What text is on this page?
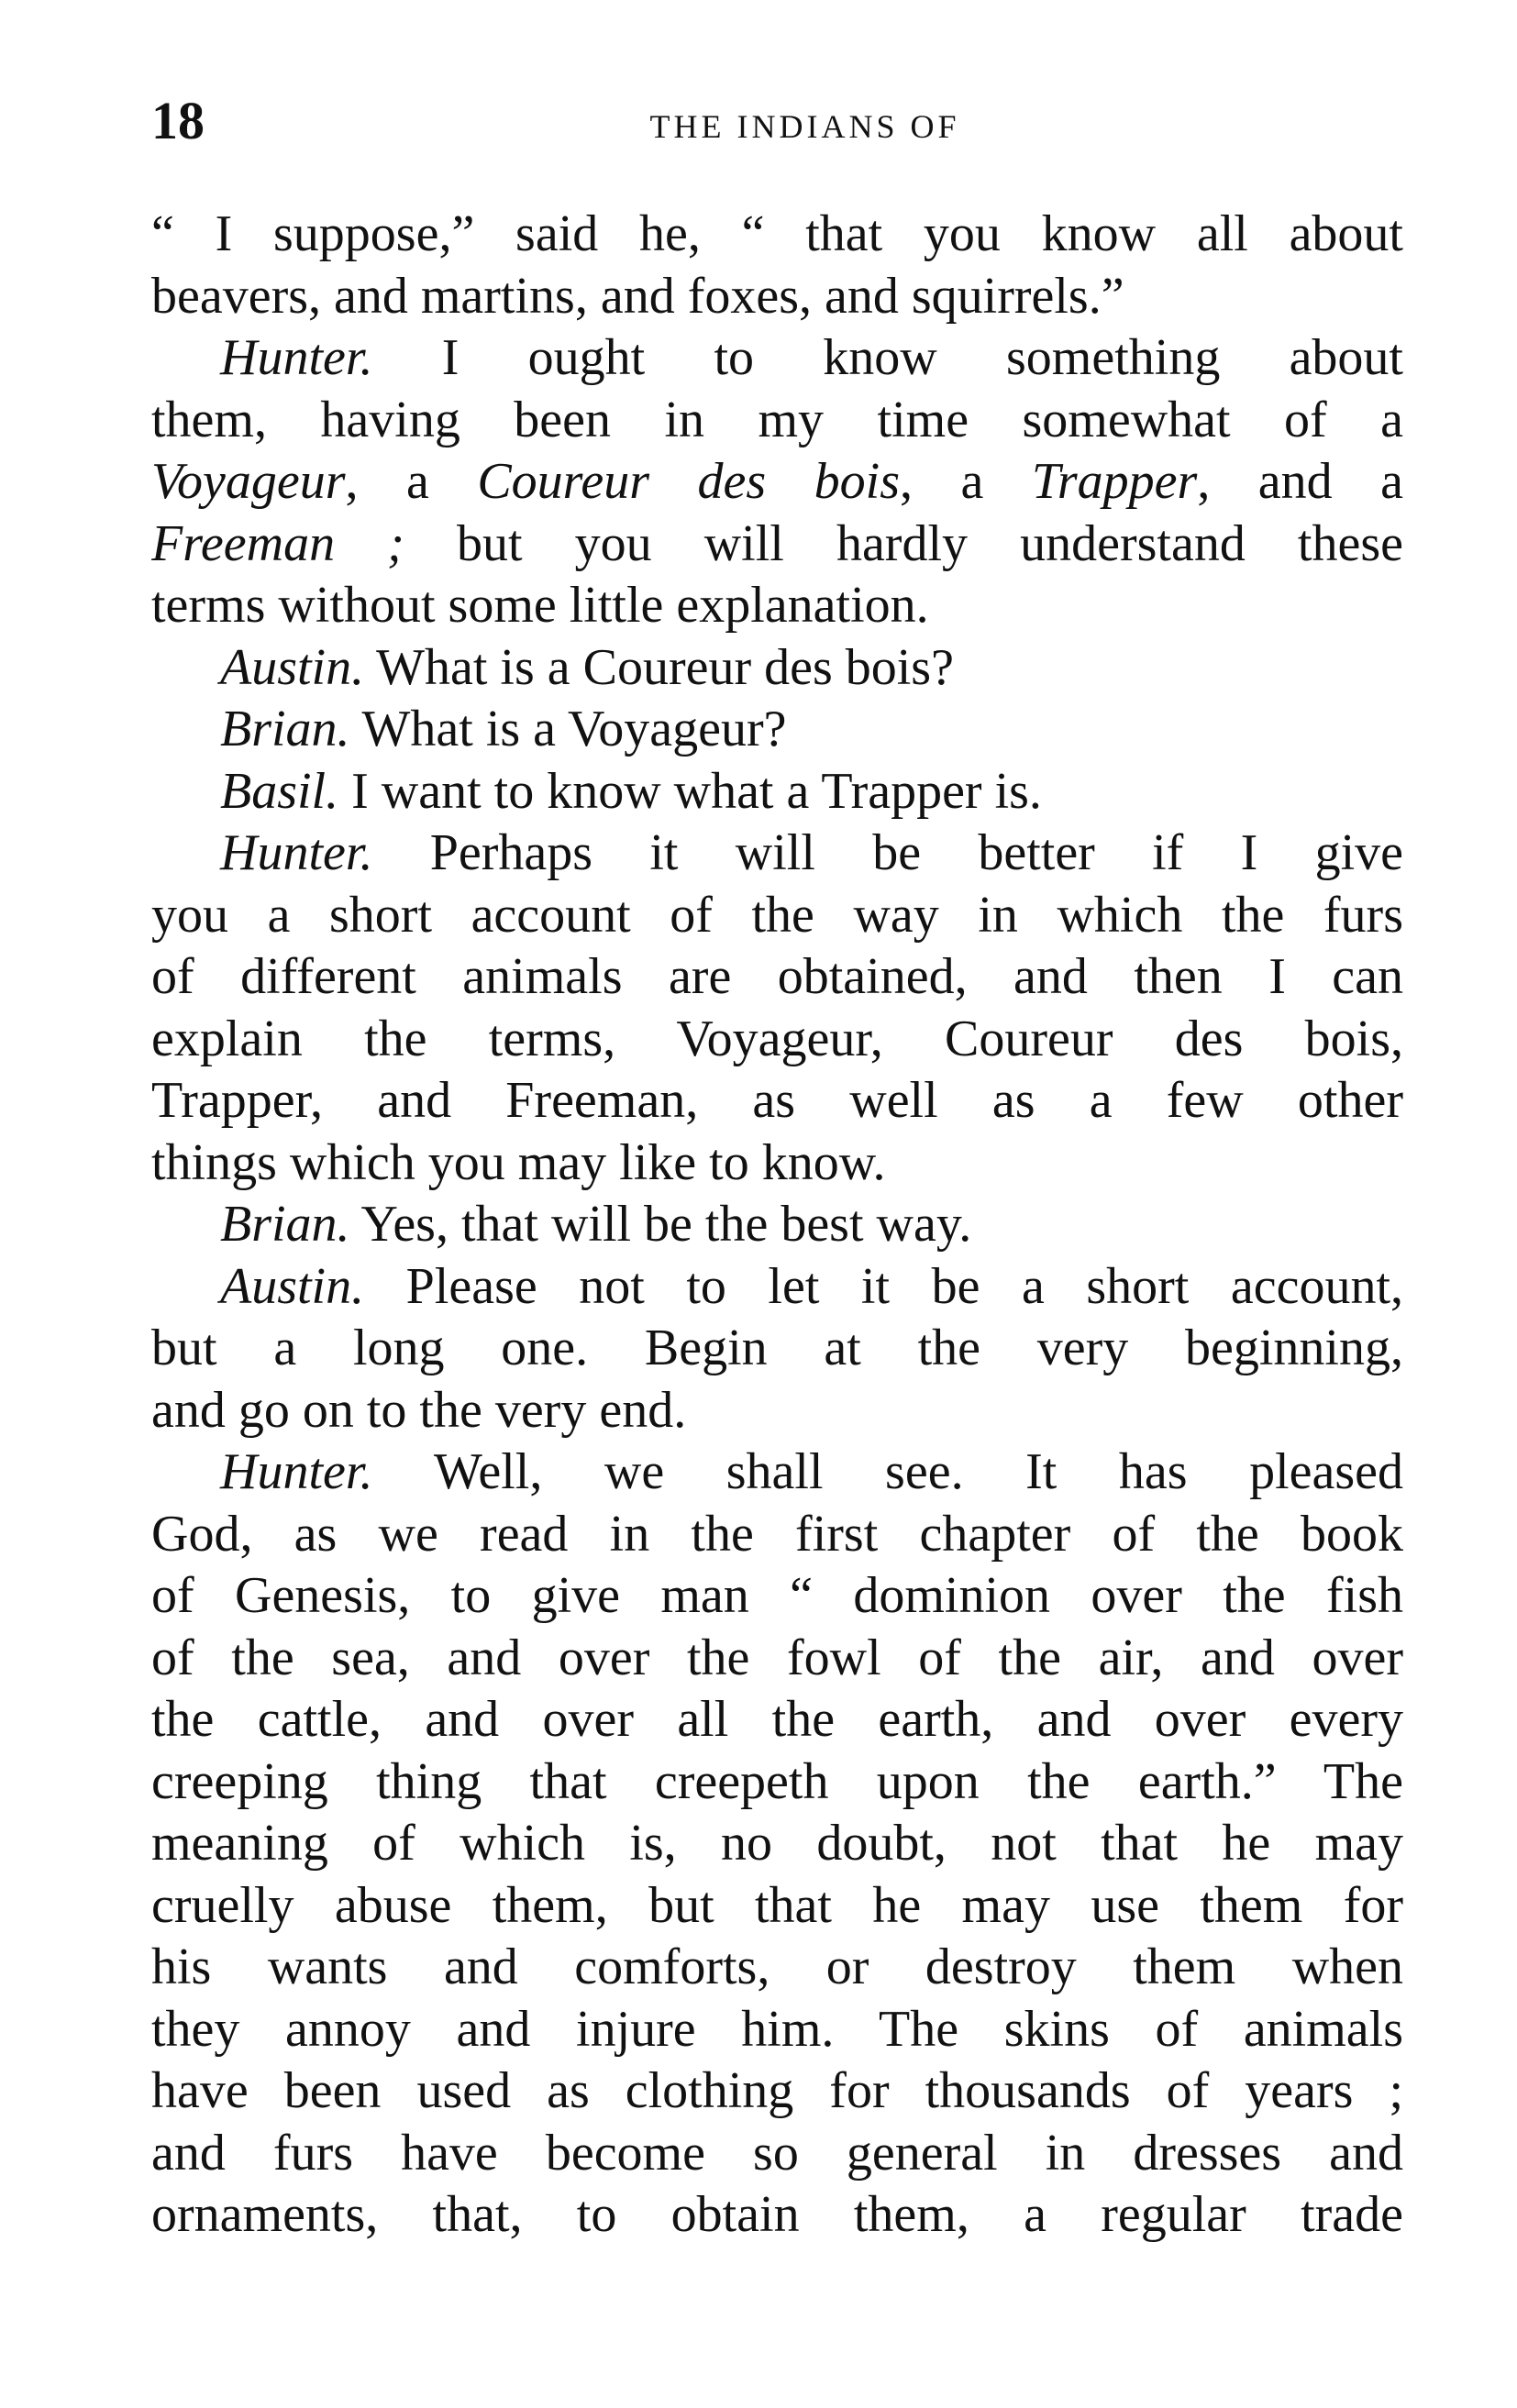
18	THE INDIANS OF
“ I suppose,” said he, “ that you know all about
beavers, and martins, and foxes, and squirrels.”
Hunter. I ought to know something about
them, having been in my time somewhat of a
Voyageur, a Coureur des bois, a Trapper, and a
Freeman ; but you will hardly understand these
terms without some little explanation.
Austin. What is a Coureur des bois?
Brian. What is a Voyageur?
Basil. I want to know what a Trapper is.
Hunter. Perhaps it will be better if I give
you a short account of the way in which the furs
of different animals are obtained, and then I can
explain the terms, Voyageur, Coureur des bois,
Trapper, and Freeman, as well as a few other
things which you may like to know.
Brian. Yes, that will be the best way.
Austin. Please not to let it be a short account,
but a long one. Begin at the very beginning,
and go on to the very end.
Hunter. Well, we shall see. It has pleased
God, as we read in the first chapter of the book
of Genesis, to give man “ dominion over the fish
of the sea, and over the fowl of the air, and over
the cattle, and over all the earth, and over every
creeping thing that creepeth upon the earth.” The
meaning of which is, no doubt, not that he may
cruelly abuse them, but that he may use them for
his wants and comforts, or destroy them when
they annoy and injure him. The skins of animals
have been used as clothing for thousands of years ;
and furs have become so general in dresses and
ornaments, that, to obtain them, a regular trade
